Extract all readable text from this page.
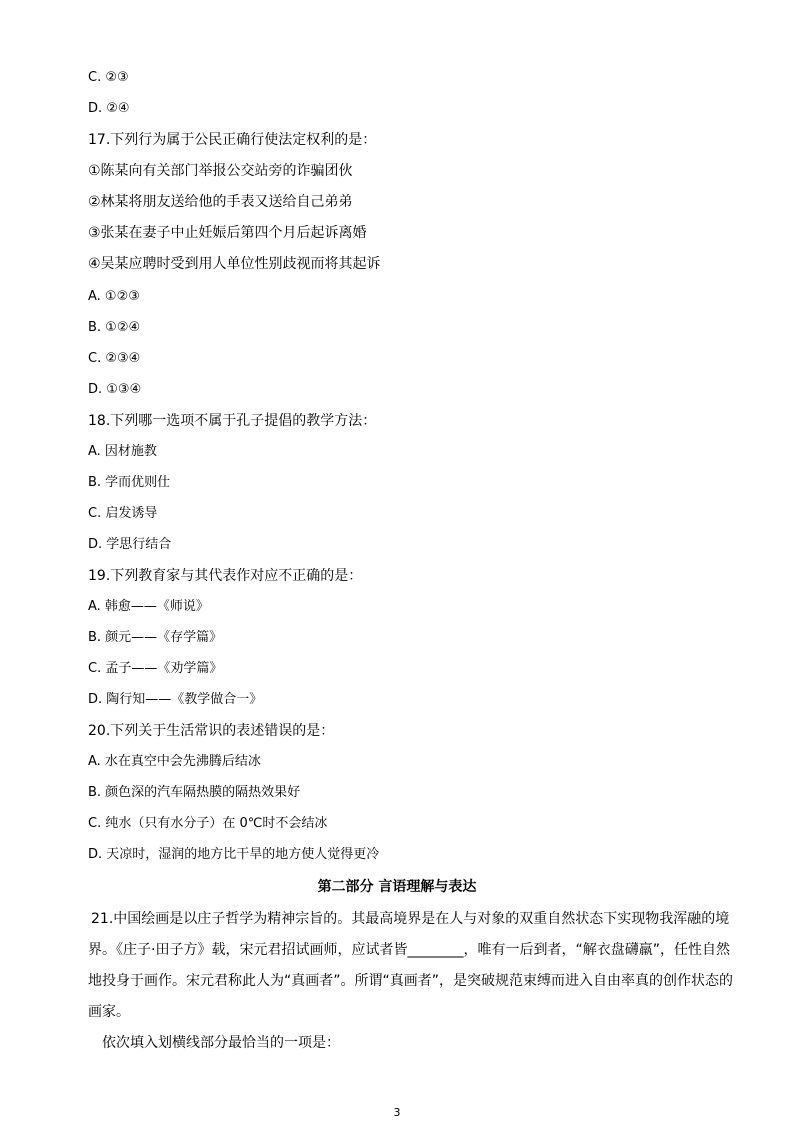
C. ②③
D. ②④
17.下列行为属于公民正确行使法定权利的是：
①陈某向有关部门举报公交站旁的诈骗团伙
②林某将朋友送给他的手表又送给自己弟弟
③张某在妻子中止妊娠后第四个月后起诉离婚
④吴某应聘时受到用人单位性别歧视而将其起诉
A. ①②③
B. ①②④
C. ②③④
D. ①③④
18.下列哪一选项不属于孔子提倡的教学方法：
A. 因材施教
B. 学而优则仕
C. 启发诱导
D. 学思行结合
19.下列教育家与其代表作对应不正确的是：
A. 韩愈——《师说》
B. 颜元——《存学篇》
C. 孟子——《劝学篇》
D. 陶行知——《教学做合一》
20.下列关于生活常识的表述错误的是：
A. 水在真空中会先沸腾后结冰
B. 颜色深的汽车隔热膜的隔热效果好
C. 纯水（只有水分子）在 0℃时不会结冰
D. 天凉时，湿润的地方比干旱的地方使人觉得更冷
第二部分 言语理解与表达
21.中国绘画是以庄子哲学为精神宗旨的。其最高境界是在人与对象的双重自然状态下实现物我浑融的境
界。《庄子·田子方》载，宋元君招试画师，应试者皆________，唯有一后到者，“解衣盘礴羸”，任性自然
地投身于画作。宋元君称此人为“真画者”。所谓“真画者”，是突破规范束缚而进入自由率真的创作状态的
画家。
依次填入划横线部分最恰当的一项是：
3
